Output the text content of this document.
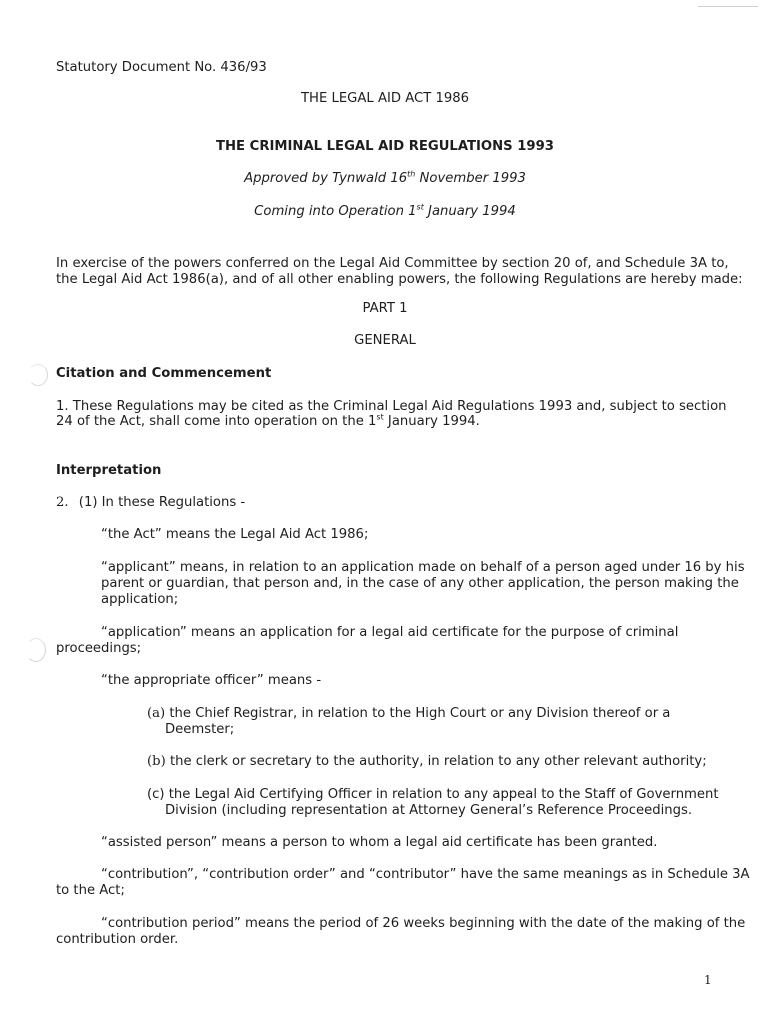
Statutory Document No. 436/93
THE LEGAL AID ACT 1986
THE CRIMINAL LEGAL AID REGULATIONS 1993
Approved by Tynwald 16th November 1993
Coming into Operation 1st January 1994
In exercise of the powers conferred on the Legal Aid Committee by section 20 of, and Schedule 3A to,
the Legal Aid Act 1986(a), and of all other enabling powers, the following Regulations are hereby made:
PART 1
GENERAL
Citation and Commencement
1. These Regulations may be cited as the Criminal Legal Aid Regulations 1993 and, subject to section
24 of the Act, shall come into operation on the 1st January 1994.
Interpretation
2. (1) In these Regulations -
“the Act” means the Legal Aid Act 1986;
“applicant” means, in relation to an application made on behalf of a person aged under 16 by his
parent or guardian, that person and, in the case of any other application, the person making the
application;
“application” means an application for a legal aid certificate for the purpose of criminal
proceedings;
“the appropriate officer” means -
(a) the Chief Registrar, in relation to the High Court or any Division thereof or a
Deemster;
(b) the clerk or secretary to the authority, in relation to any other relevant authority;
(c) the Legal Aid Certifying Officer in relation to any appeal to the Staff of Government
Division (including representation at Attorney General’s Reference Proceedings.
“assisted person” means a person to whom a legal aid certificate has been granted.
“contribution”, “contribution order” and “contributor” have the same meanings as in Schedule 3A
to the Act;
“contribution period” means the period of 26 weeks beginning with the date of the making of the
contribution order.
1
